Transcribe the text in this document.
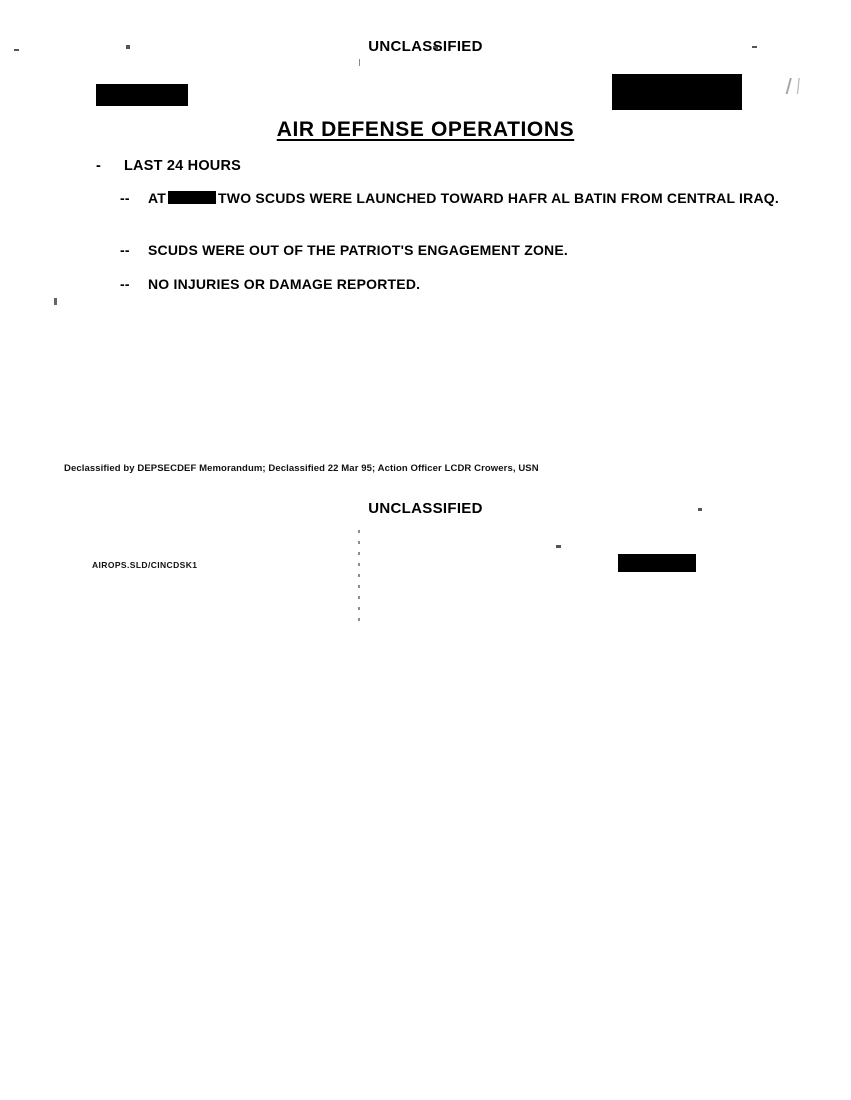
UNCLASSIFIED
AIR DEFENSE OPERATIONS
- LAST 24 HOURS
-- AT	TWO SCUDS WERE LAUNCHED TOWARD HAFR AL BATIN FROM CENTRAL IRAQ.
-- SCUDS WERE OUT OF THE PATRIOT'S ENGAGEMENT ZONE.
-- NO INJURIES OR DAMAGE REPORTED.
Declassified by DEPSECDEF Memorandum; Declassified 22 Mar 95; Action Officer LCDR Crowers, USN
UNCLASSIFIED
AIROPS.SLD/CINCDSK1
